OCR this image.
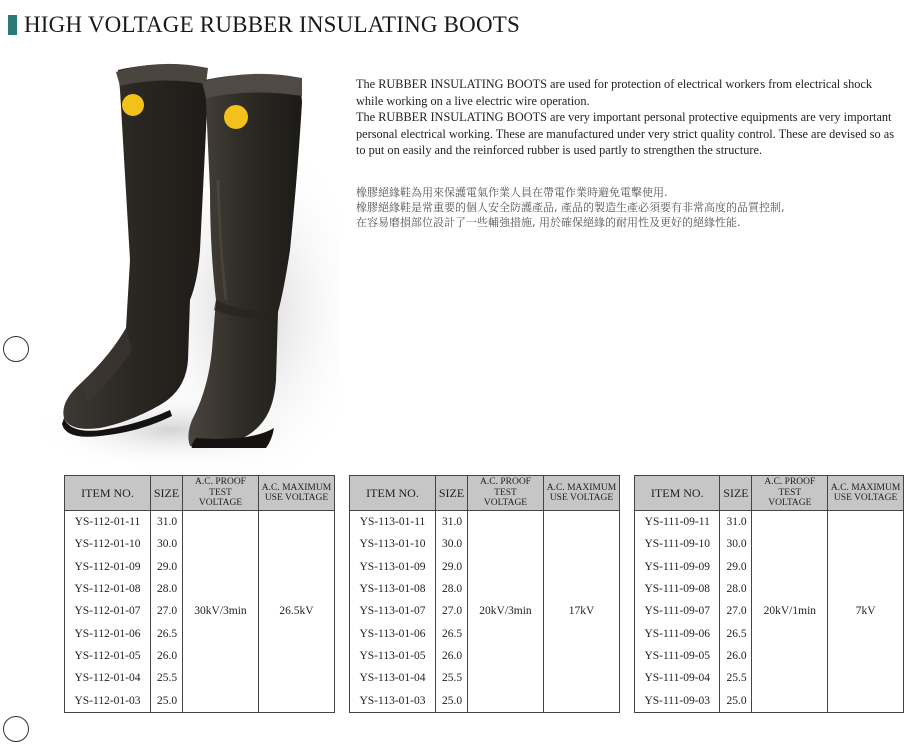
HIGH VOLTAGE RUBBER INSULATING BOOTS

The RUBBER INSULATING BOOTS are used for protection of electrical workers from electrical shock while working on a live electric wire operation.

The RUBBER INSULATING BOOTS are very important personal protective equipments are very important personal electrical working. These are manufactured under very strict quality control. These are devised so as to put on easily and the reinforced rubber is used partly to strengthen the structure.

橡膠絕緣鞋為用來保護電氣作業人員在帶電作業時避免電擊使用.

橡膠絕緣鞋是常重要的個人安全防護產品, 產品的製造生產必須要有非常高度的品質控制,

在容易磨損部位設計了一些輔強措施, 用於確保絕緣的耐用性及更好的絕緣性能.

ITEM NO.	SIZE	A.C. PROOF TEST
VOLTAGE	A.C. MAXIMUM
USE VOLTAGE
YS-112-01-11	31.0	30kV/3min	26.5kV
YS-112-01-10	30.0		
YS-112-01-09	29.0		
YS-112-01-08	28.0		
YS-112-01-07	27.0		
YS-112-01-06	26.5		
YS-112-01-05	26.0		
YS-112-01-04	25.5		
YS-112-01-03	25.0		
ITEM NO.	SIZE	A.C. PROOF TEST
VOLTAGE	A.C. MAXIMUM
USE VOLTAGE
YS-113-01-11	31.0	20kV/3min	17kV
YS-113-01-10	30.0		
YS-113-01-09	29.0		
YS-113-01-08	28.0		
YS-113-01-07	27.0		
YS-113-01-06	26.5		
YS-113-01-05	26.0		
YS-113-01-04	25.5		
YS-113-01-03	25.0		
ITEM NO.	SIZE	A.C. PROOF TEST
VOLTAGE	A.C. MAXIMUM
USE VOLTAGE
YS-111-09-11	31.0	20kV/1min	7kV
YS-111-09-10	30.0		
YS-111-09-09	29.0		
YS-111-09-08	28.0		
YS-111-09-07	27.0		
YS-111-09-06	26.5		
YS-111-09-05	26.0		
YS-111-09-04	25.5		
YS-111-09-03	25.0		
